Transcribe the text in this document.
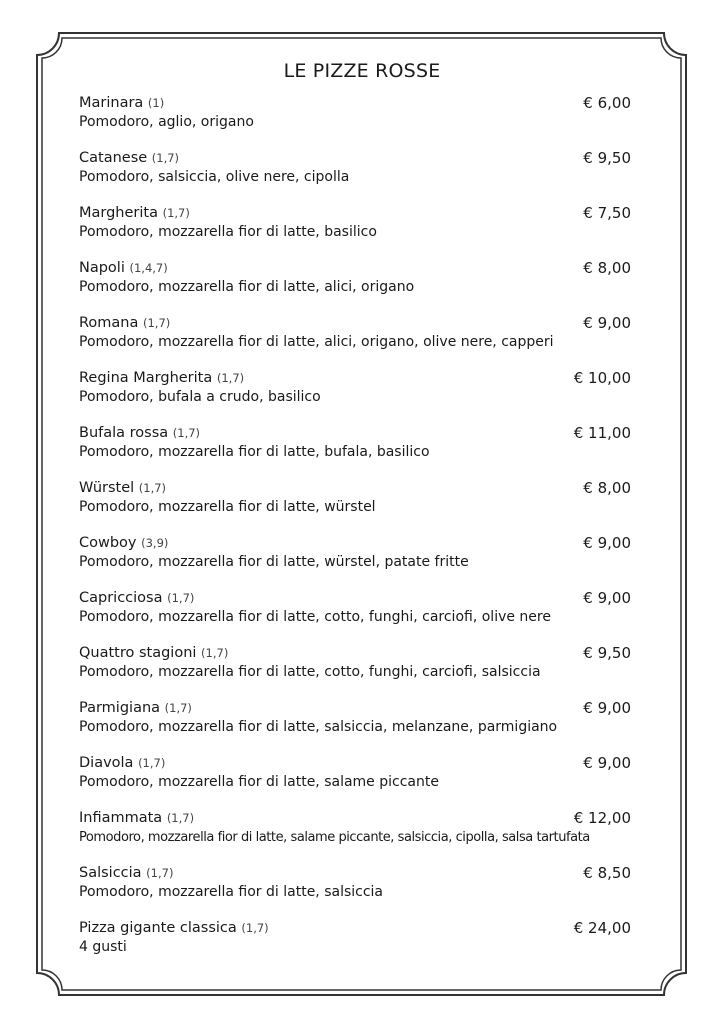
LE PIZZE ROSSE
Marinara (1)
Pomodoro, aglio, origano
€ 6,00
Catanese (1,7)
Pomodoro, salsiccia, olive nere, cipolla
€ 9,50
Margherita (1,7)
Pomodoro, mozzarella fior di latte, basilico
€ 7,50
Napoli (1,4,7)
Pomodoro, mozzarella fior di latte, alici, origano
€ 8,00
Romana (1,7)
Pomodoro, mozzarella fior di latte, alici, origano, olive nere, capperi
€ 9,00
Regina Margherita (1,7)
Pomodoro, bufala a crudo, basilico
€ 10,00
Bufala rossa (1,7)
Pomodoro, mozzarella fior di latte, bufala, basilico
€ 11,00
Würstel (1,7)
Pomodoro, mozzarella fior di latte, würstel
€ 8,00
Cowboy (3,9)
Pomodoro, mozzarella fior di latte, würstel, patate fritte
€ 9,00
Capricciosa (1,7)
Pomodoro, mozzarella fior di latte, cotto, funghi, carciofi, olive nere
€ 9,00
Quattro stagioni (1,7)
Pomodoro, mozzarella fior di latte, cotto, funghi, carciofi, salsiccia
€ 9,50
Parmigiana (1,7)
Pomodoro, mozzarella fior di latte, salsiccia, melanzane, parmigiano
€ 9,00
Diavola (1,7)
Pomodoro, mozzarella fior di latte, salame piccante
€ 9,00
Infiammata (1,7)
Pomodoro, mozzarella fior di latte, salame piccante, salsiccia, cipolla, salsa tartufata
€ 12,00
Salsiccia (1,7)
Pomodoro, mozzarella fior di latte, salsiccia
€ 8,50
Pizza gigante classica (1,7)
4 gusti
€ 24,00
